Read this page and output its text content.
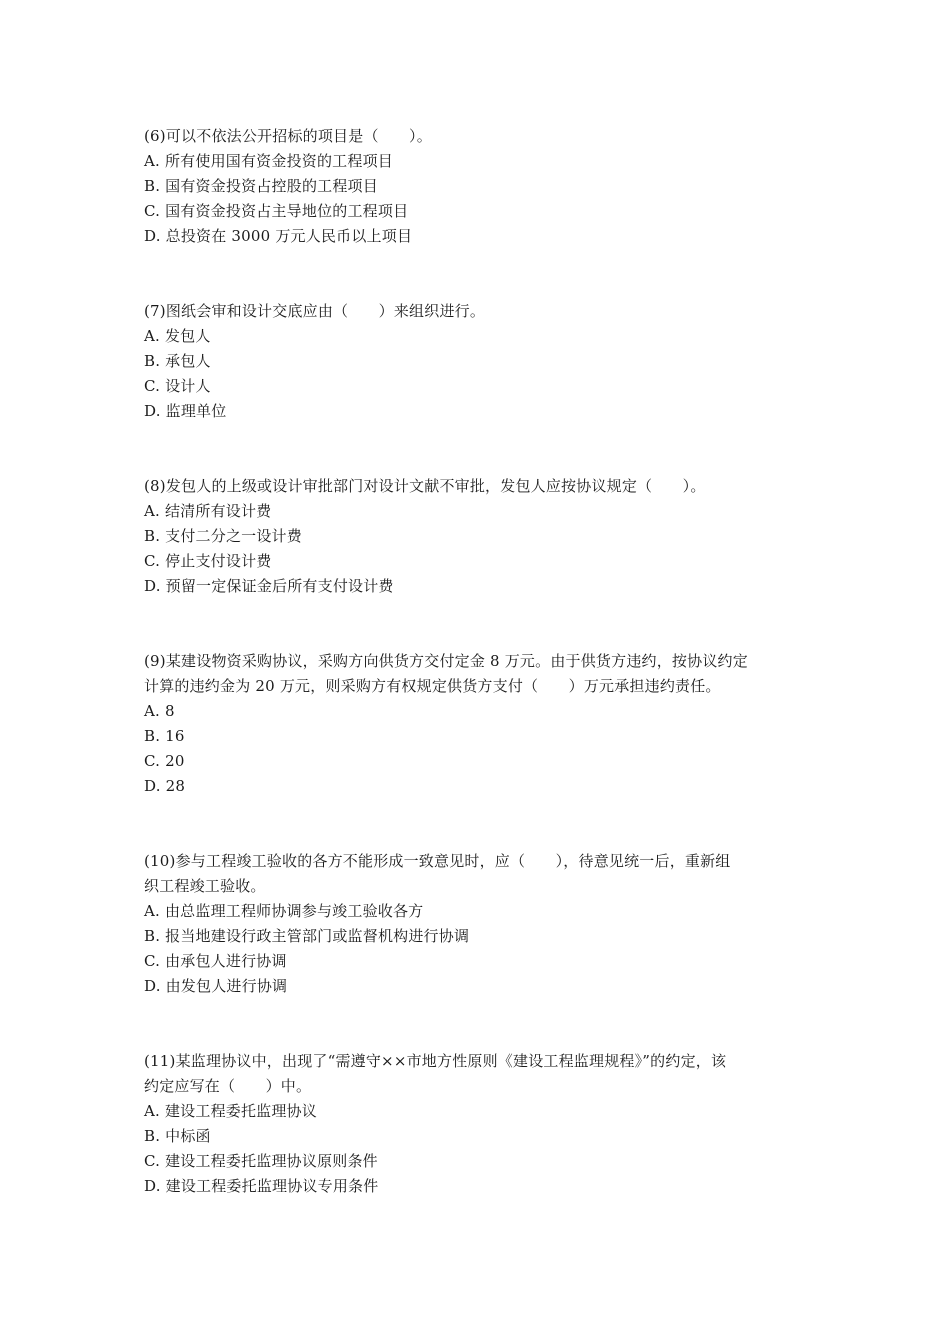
(6)可以不依法公开招标的项目是（　　）。
A. 所有使用国有资金投资的工程项目
B. 国有资金投资占控股的工程项目
C. 国有资金投资占主导地位的工程项目
D. 总投资在 3000 万元人民币以上项目
(7)图纸会审和设计交底应由（　　）来组织进行。
A. 发包人
B. 承包人
C. 设计人
D. 监理单位
(8)发包人的上级或设计审批部门对设计文献不审批，发包人应按协议规定（　　）。
A. 结清所有设计费
B. 支付二分之一设计费
C. 停止支付设计费
D. 预留一定保证金后所有支付设计费
(9)某建设物资采购协议，采购方向供货方交付定金 8 万元。由于供货方违约，按协议约定
计算的违约金为 20 万元，则采购方有权规定供货方支付（　　）万元承担违约责任。
A. 8
B. 16
C. 20
D. 28
(10)参与工程竣工验收的各方不能形成一致意见时，应（　　），待意见统一后，重新组
织工程竣工验收。
A. 由总监理工程师协调参与竣工验收各方
B. 报当地建设行政主管部门或监督机构进行协调
C. 由承包人进行协调
D. 由发包人进行协调
(11)某监理协议中，出现了“需遵守××市地方性原则《建设工程监理规程》”的约定，该
约定应写在（　　）中。
A. 建设工程委托监理协议
B. 中标函
C. 建设工程委托监理协议原则条件
D. 建设工程委托监理协议专用条件
